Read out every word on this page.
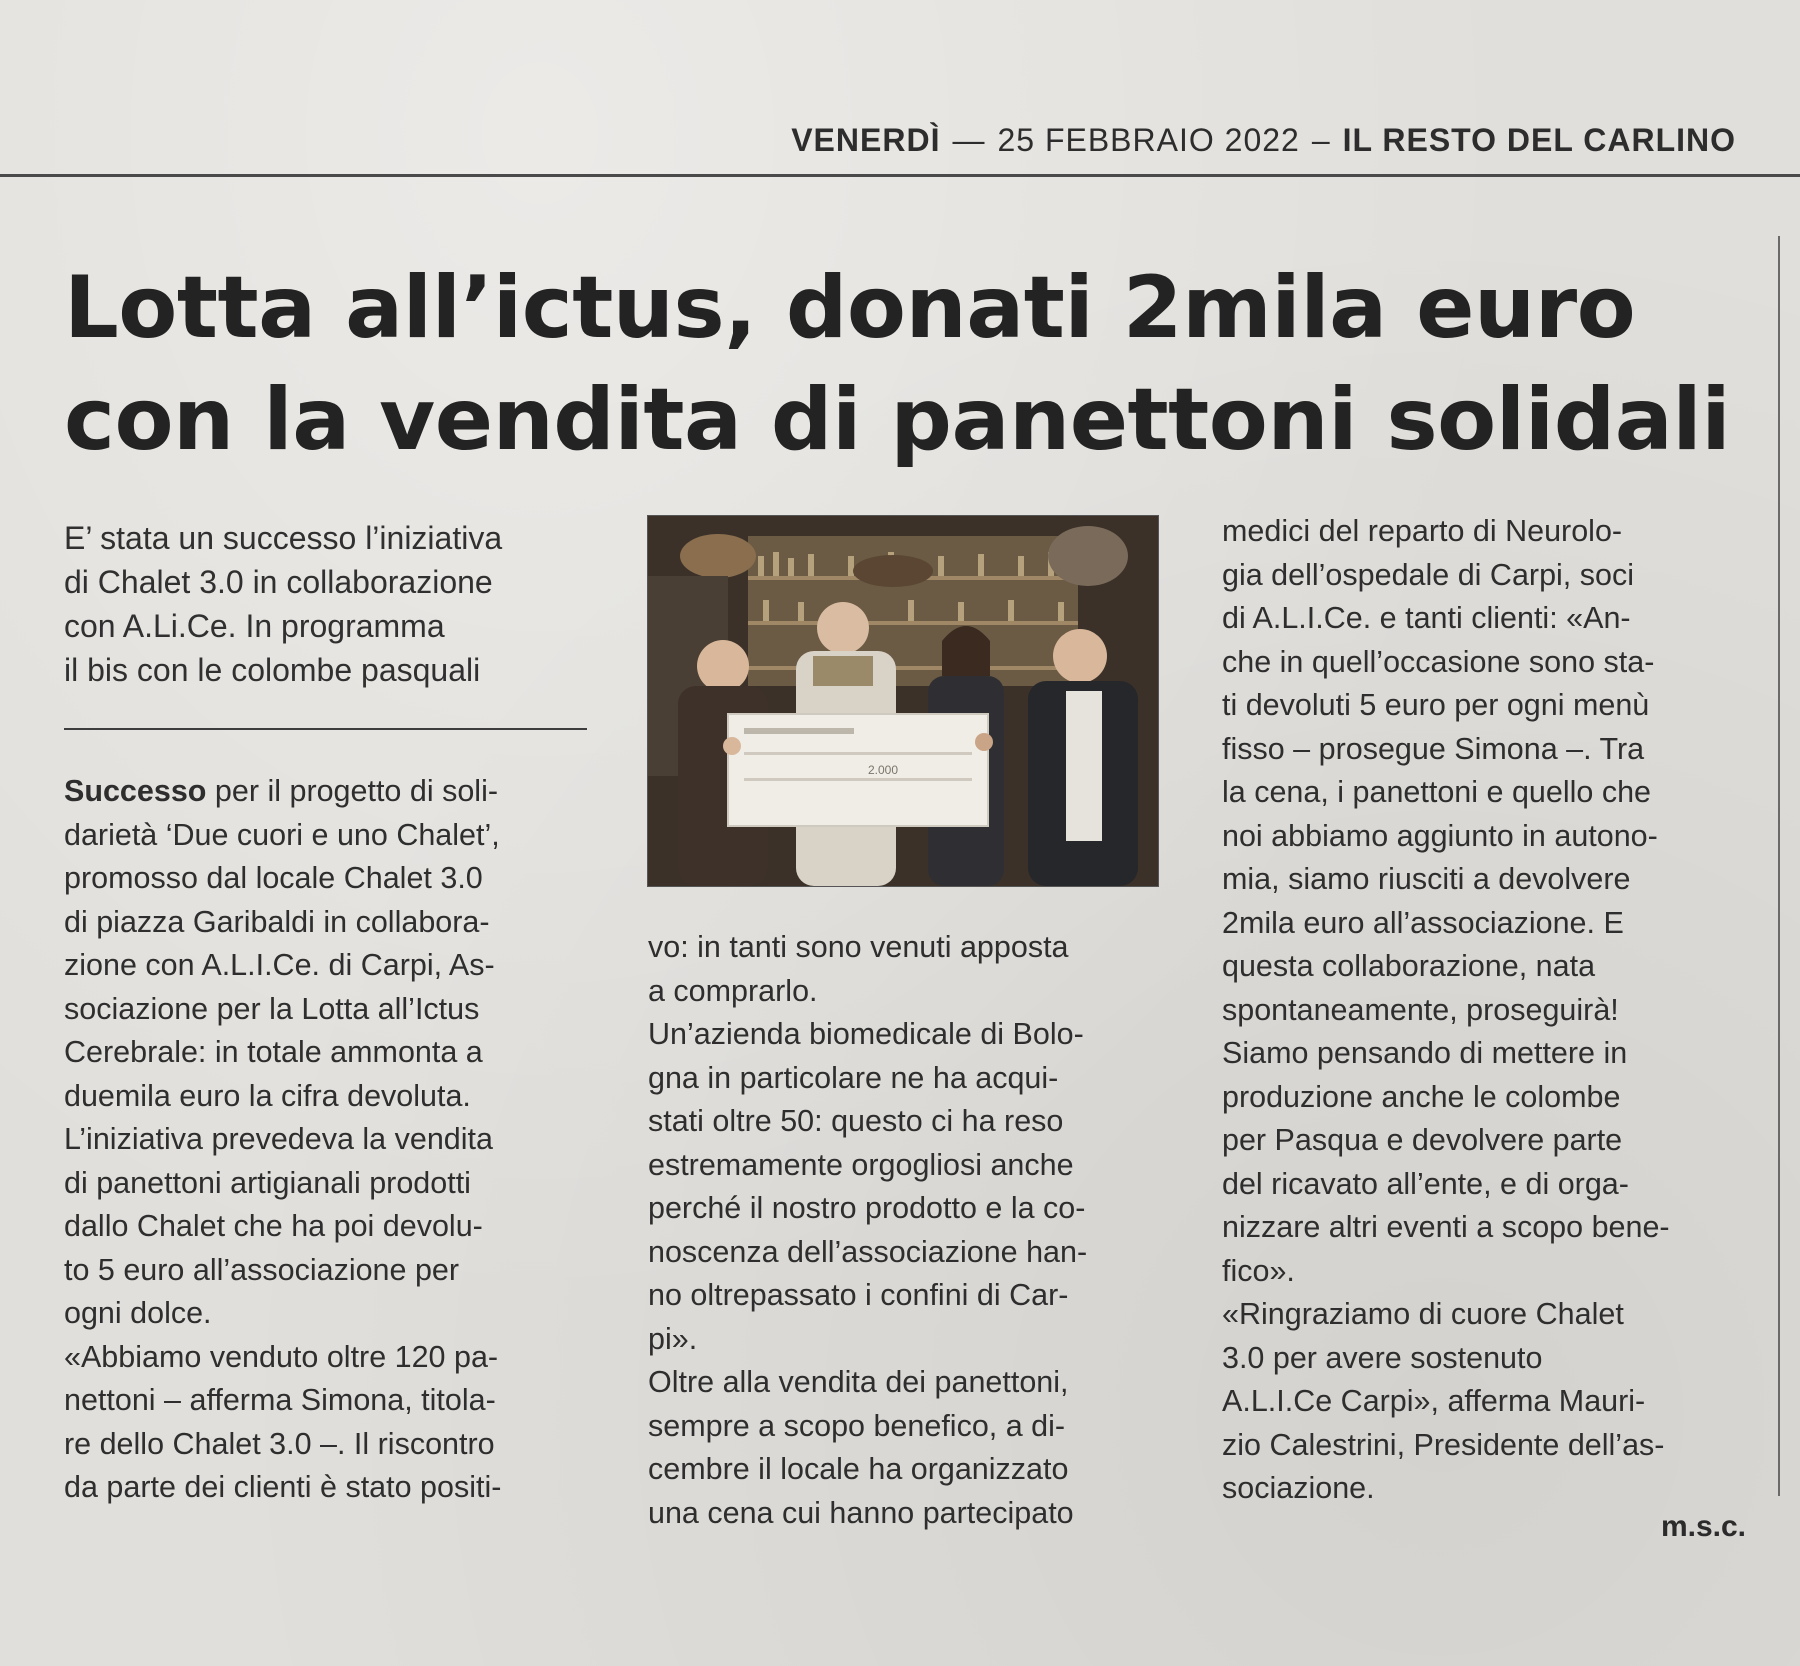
VENERDÌ — 25 FEBBRAIO 2022 – IL RESTO DEL CARLINO
Lotta all’ictus, donati 2mila euro
con la vendita di panettoni solidali
E’ stata un successo l’iniziativa
di Chalet 3.0 in collaborazione
con A.Li.Ce. In programma
il bis con le colombe pasquali
2.000
Successo per il progetto di soli-
darietà ‘Due cuori e uno Chalet’,
promosso dal locale Chalet 3.0
di piazza Garibaldi in collabora-
zione con A.L.I.Ce. di Carpi, As-
sociazione per la Lotta all’Ictus
Cerebrale: in totale ammonta a
duemila euro la cifra devoluta.
L’iniziativa prevedeva la vendita
di panettoni artigianali prodotti
dallo Chalet che ha poi devolu-
to 5 euro all’associazione per
ogni dolce.
«Abbiamo venduto oltre 120 pa-
nettoni – afferma Simona, titola-
re dello Chalet 3.0 –. Il riscontro
da parte dei clienti è stato positi-
vo: in tanti sono venuti apposta
a comprarlo.
Un’azienda biomedicale di Bolo-
gna in particolare ne ha acqui-
stati oltre 50: questo ci ha reso
estremamente orgogliosi anche
perché il nostro prodotto e la co-
noscenza dell’associazione han-
no oltrepassato i confini di Car-
pi».
Oltre alla vendita dei panettoni,
sempre a scopo benefico, a di-
cembre il locale ha organizzato
una cena cui hanno partecipato
medici del reparto di Neurolo-
gia dell’ospedale di Carpi, soci
di A.L.I.Ce. e tanti clienti: «An-
che in quell’occasione sono sta-
ti devoluti 5 euro per ogni menù
fisso – prosegue Simona –. Tra
la cena, i panettoni e quello che
noi abbiamo aggiunto in autono-
mia, siamo riusciti a devolvere
2mila euro all’associazione. E
questa collaborazione, nata
spontaneamente, proseguirà!
Siamo pensando di mettere in
produzione anche le colombe
per Pasqua e devolvere parte
del ricavato all’ente, e di orga-
nizzare altri eventi a scopo bene-
fico».
«Ringraziamo di cuore Chalet
3.0 per avere sostenuto
A.L.I.Ce Carpi», afferma Mauri-
zio Calestrini, Presidente dell’as-
sociazione.
m.s.c.
